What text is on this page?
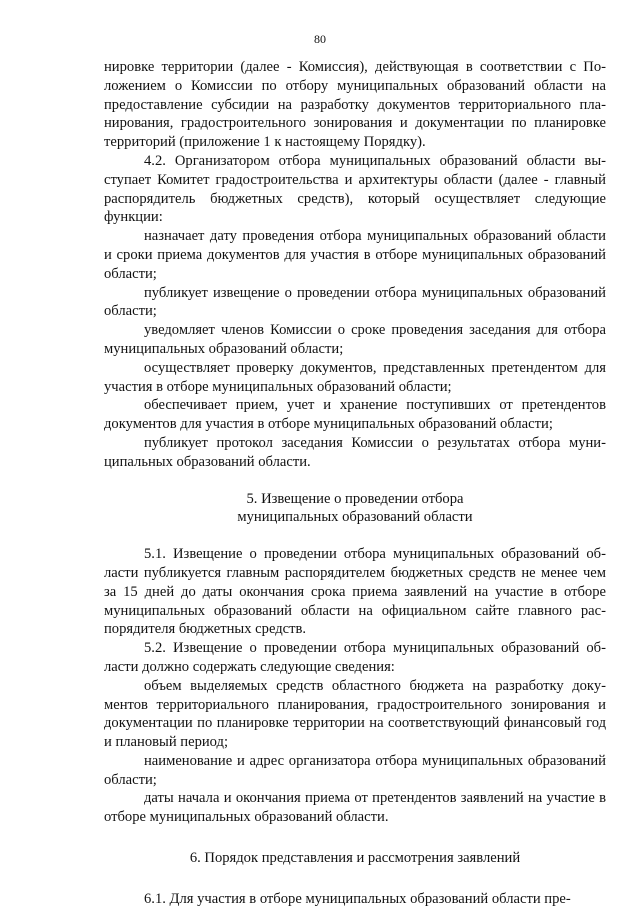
80

нировке территории (далее - Комиссия), действующая в соответствии с Положением о Комиссии по отбору муниципальных образований области на предоставление субсидии на разработку документов территориального планирования, градостроительного зонирования и документации по планировке территорий (приложение 1 к настоящему Порядку).

4.2. Организатором отбора муниципальных образований области выступает Комитет градостроительства и архитектуры области (далее - главный распорядитель бюджетных средств), который осуществляет следующие функции:

назначает дату проведения отбора муниципальных образований области и сроки приема документов для участия в отборе муниципальных образований области;

публикует извещение о проведении отбора муниципальных образований области;

уведомляет членов Комиссии о сроке проведения заседания для отбора муниципальных образований области;

осуществляет проверку документов, представленных претендентом для участия в отборе муниципальных образований области;

обеспечивает прием, учет и хранение поступивших от претендентов документов для участия в отборе муниципальных образований области;

публикует протокол заседания Комиссии о результатах отбора муниципальных образований области.

5. Извещение о проведении отбора
муниципальных образований области

5.1. Извещение о проведении отбора муниципальных образований области публикуется главным распорядителем бюджетных средств не менее чем за 15 дней до даты окончания срока приема заявлений на участие в отборе муниципальных образований области на официальном сайте главного распорядителя бюджетных средств.

5.2. Извещение о проведении отбора муниципальных образований области должно содержать следующие сведения:

объем выделяемых средств областного бюджета на разработку документов территориального планирования, градостроительного зонирования и документации по планировке территории на соответствующий финансовый год и плановый период;

наименование и адрес организатора отбора муниципальных образований области;

даты начала и окончания приема от претендентов заявлений на участие в отборе муниципальных образований области.

6. Порядок представления и рассмотрения заявлений

6.1. Для участия в отборе муниципальных образований области пре-
